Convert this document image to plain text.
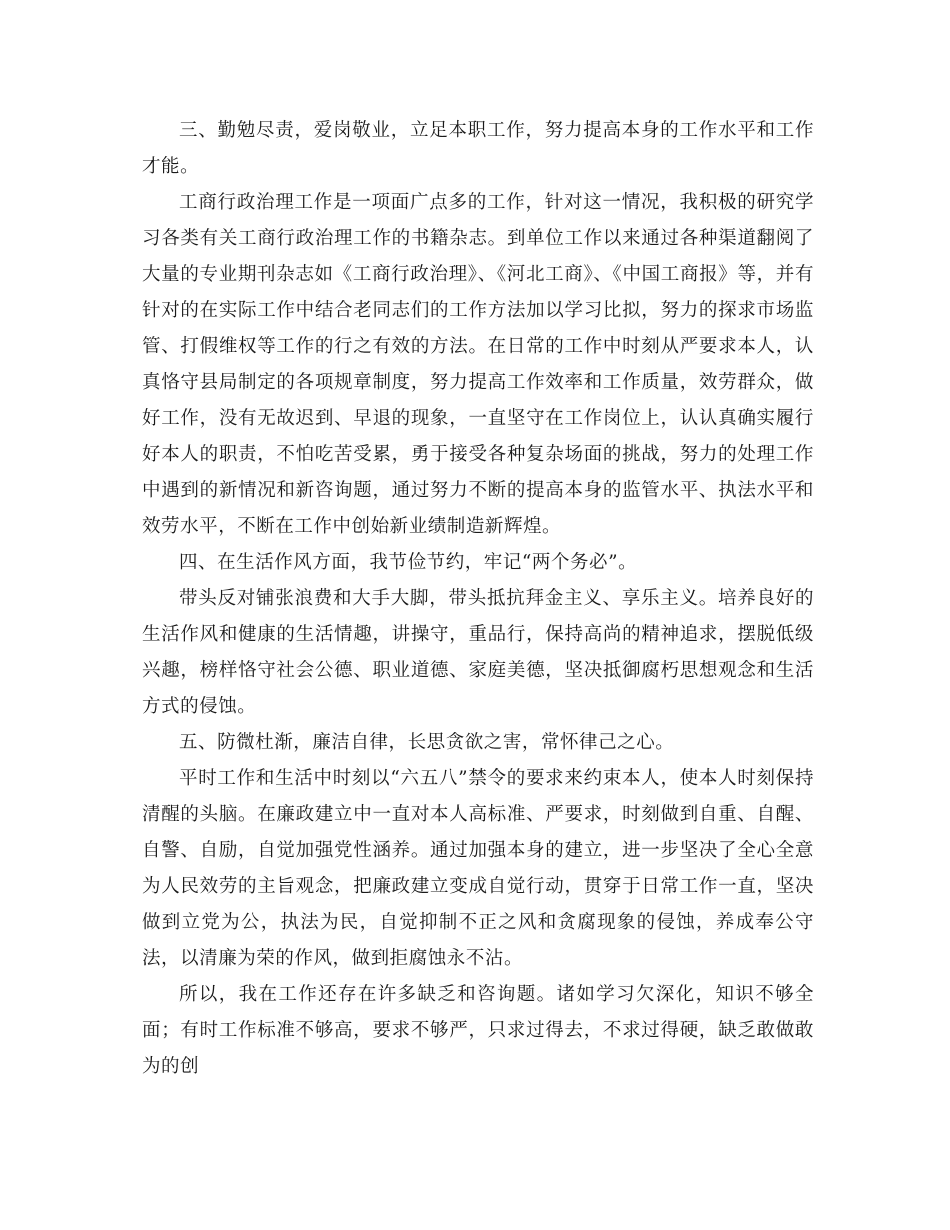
三、勤勉尽责，爱岗敬业，立足本职工作，努力提高本身的工作水平和工作才能。

工商行政治理工作是一项面广点多的工作，针对这一情况，我积极的研究学习各类有关工商行政治理工作的书籍杂志。到单位工作以来通过各种渠道翻阅了大量的专业期刊杂志如《工商行政治理》、《河北工商》、《中国工商报》等，并有针对的在实际工作中结合老同志们的工作方法加以学习比拟，努力的探求市场监管、打假维权等工作的行之有效的方法。在日常的工作中时刻从严要求本人，认真恪守县局制定的各项规章制度，努力提高工作效率和工作质量，效劳群众，做好工作，没有无故迟到、早退的现象，一直坚守在工作岗位上，认认真确实履行好本人的职责，不怕吃苦受累，勇于接受各种复杂场面的挑战，努力的处理工作中遇到的新情况和新咨询题，通过努力不断的提高本身的监管水平、执法水平和效劳水平，不断在工作中创始新业绩制造新辉煌。

四、在生活作风方面，我节俭节约，牢记“两个务必”。

带头反对铺张浪费和大手大脚，带头抵抗拜金主义、享乐主义。培养良好的生活作风和健康的生活情趣，讲操守，重品行，保持高尚的精神追求，摆脱低级兴趣，榜样恪守社会公德、职业道德、家庭美德，坚决抵御腐朽思想观念和生活方式的侵蚀。

五、防微杜渐，廉洁自律，长思贪欲之害，常怀律己之心。

平时工作和生活中时刻以“六五八”禁令的要求来约束本人，使本人时刻保持清醒的头脑。在廉政建立中一直对本人高标准、严要求，时刻做到自重、自醒、自警、自励，自觉加强党性涵养。通过加强本身的建立，进一步坚决了全心全意为人民效劳的主旨观念，把廉政建立变成自觉行动，贯穿于日常工作一直，坚决做到立党为公，执法为民，自觉抑制不正之风和贪腐现象的侵蚀，养成奉公守法，以清廉为荣的作风，做到拒腐蚀永不沾。

所以，我在工作还存在许多缺乏和咨询题。诸如学习欠深化，知识不够全面；有时工作标准不够高，要求不够严，只求过得去，不求过得硬，缺乏敢做敢为的创
